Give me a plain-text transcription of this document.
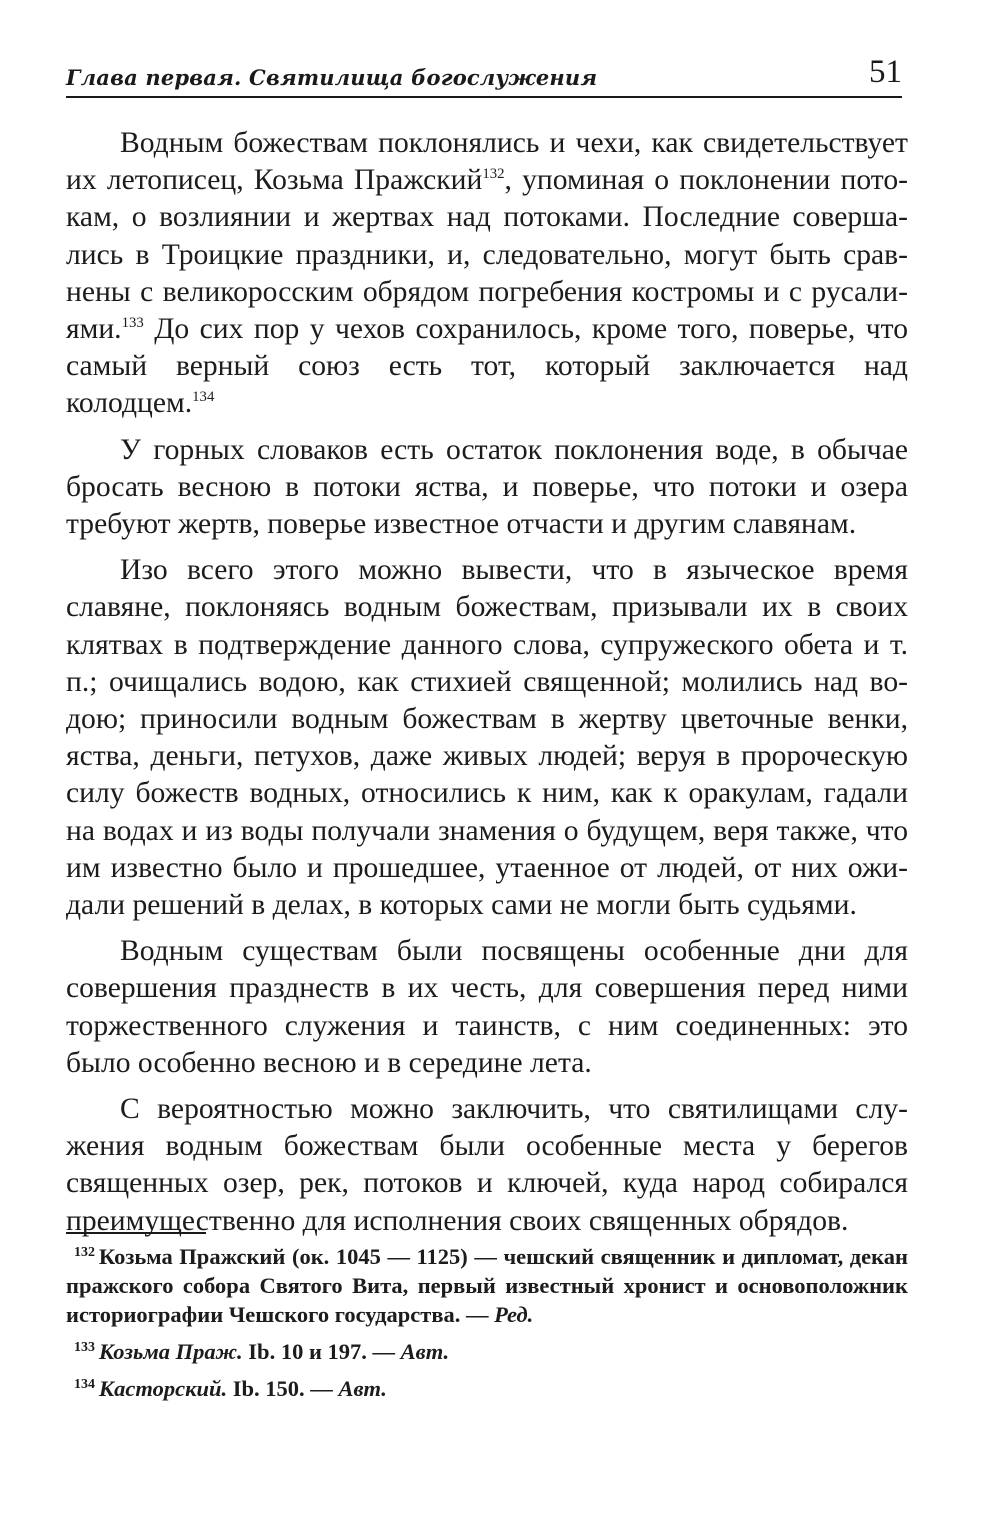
Глава первая. Святилища богослужения	51

Водным божествам поклонялись и чехи, как свидетельствует их летописец, Козьма Пражский$^{132}$, упоминая о поклонении потокам, о возлиянии и жертвах над потоками. Последние совершались в Троицкие праздники, и, следовательно, могут быть сравнены с великоросским обрядом погребения костромы и с русалиями.$^{133}$ До сих пор у чехов сохранилось, кроме того, поверье, что самый верный союз есть тот, который заключается над колодцем.$^{134}$

У горных словаков есть остаток поклонения воде, в обычае бросать весною в потоки яства, и поверье, что потоки и озера требуют жертв, поверье известное отчасти и другим славянам.

Изо всего этого можно вывести, что в языческое время славяне, поклоняясь водным божествам, призывали их в своих клятвах в подтверждение данного слова, супружеского обета и т. п.; очищались водою, как стихией священной; молились над водою; приносили водным божествам в жертву цветочные венки, яства, деньги, петухов, даже живых людей; веруя в пророческую силу божеств водных, относились к ним, как к оракулам, гадали на водах и из воды получали знамения о будущем, веря также, что им известно было и прошедшее, утаенное от людей, от них ожидали решений в делах, в которых сами не могли быть судьями.

Водным существам были посвящены особенные дни для совершения празднеств в их честь, для совершения перед ними торжественного служения и таинств, с ним соединенных: это было особенно весною и в середине лета.

С вероятностью можно заключить, что святилищами служения водным божествам были особенные места у берегов священных озер, рек, потоков и ключей, куда народ собирался преимущественно для исполнения своих священных обрядов.

$^{132}$ Козьма Пражский (ок. 1045 — 1125) — чешский священник и дипломат, декан пражского собора Святого Вита, первый известный хронист и основоположник историографии Чешского государства. — Ред.

$^{133}$ Козьма Праж. Ib. 10 и 197. — Авт.

$^{134}$ Касторский. Ib. 150. — Авт.
